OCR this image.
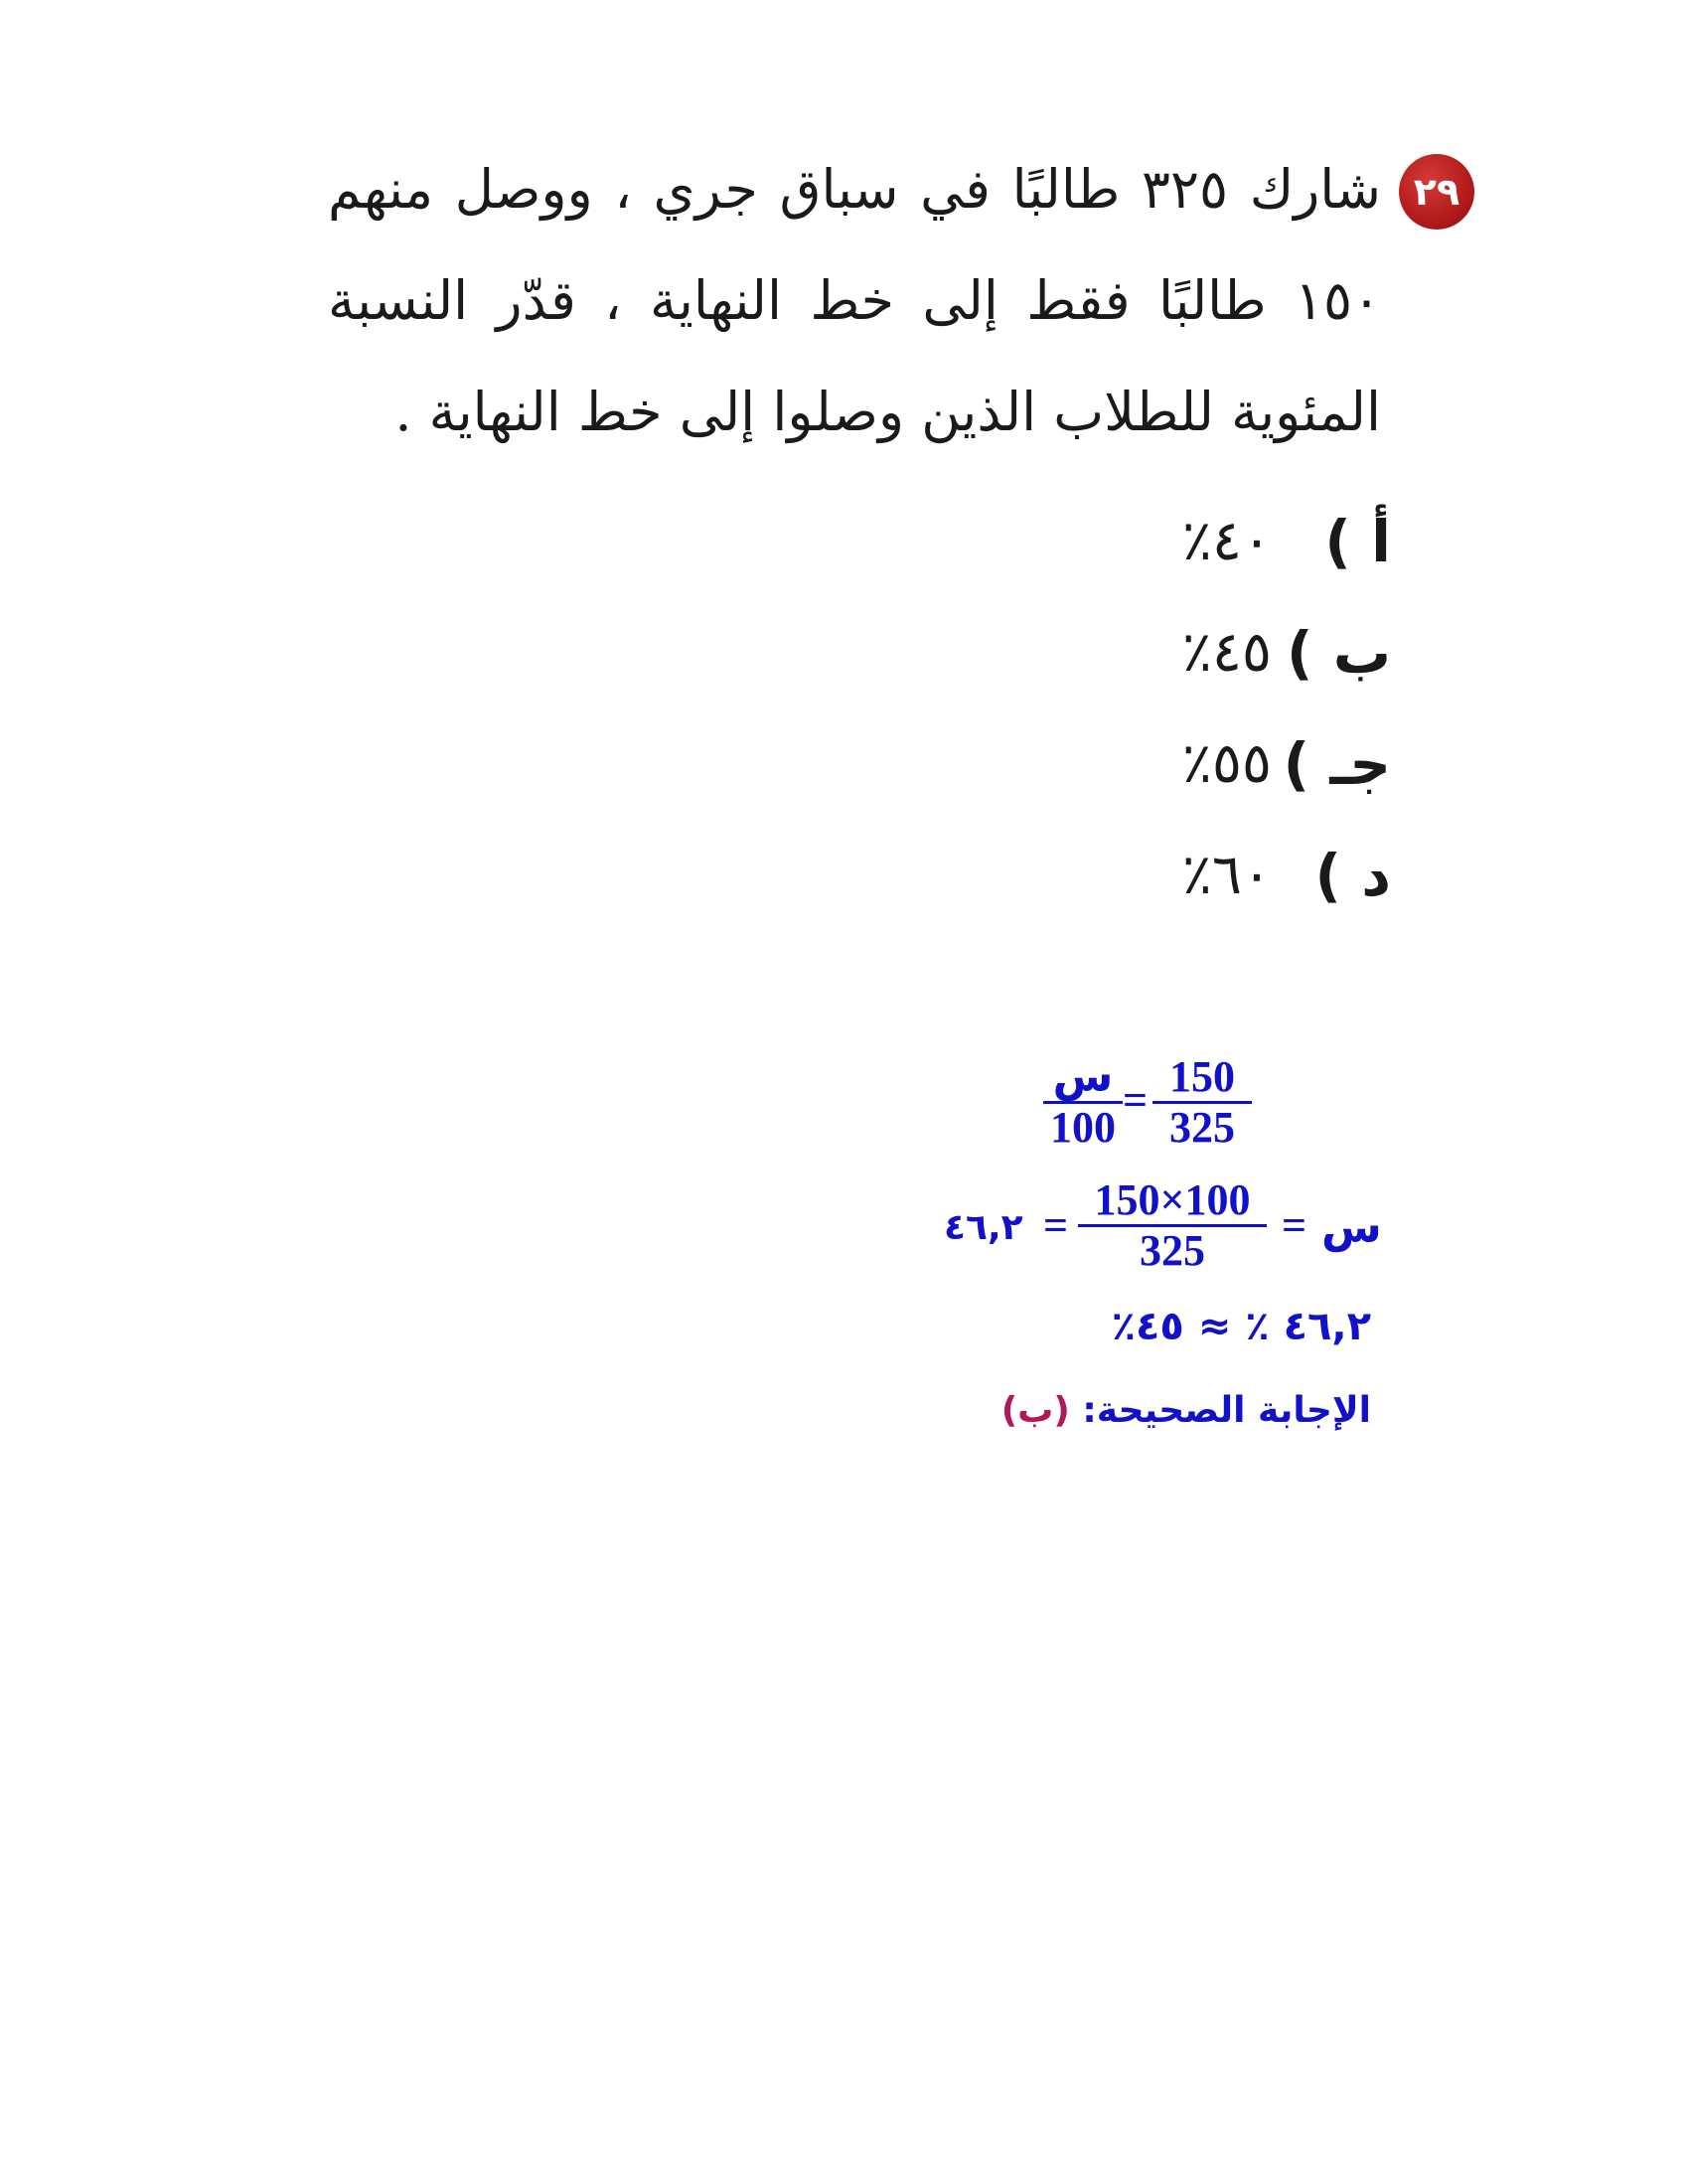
٢٩
شارك ٣٢٥ طالبًا في سباق جري ، ووصل منهم ١٥٠ طالبًا فقط إلى خط النهاية ، قدّر النسبة المئوية للطلاب الذين وصلوا إلى خط النهاية .
أ )
٤٠٪
ب )
٤٥٪
جـ )
٥٥٪
د )
٦٠٪
$\frac{150}{325}$
=
س
100
س
=
$\frac{150\times 100}{325}$
=
٤٦,٢
٤٦,٢ ٪ ≈ ٤٥٪
الإجابة الصحيحة: (ب)
